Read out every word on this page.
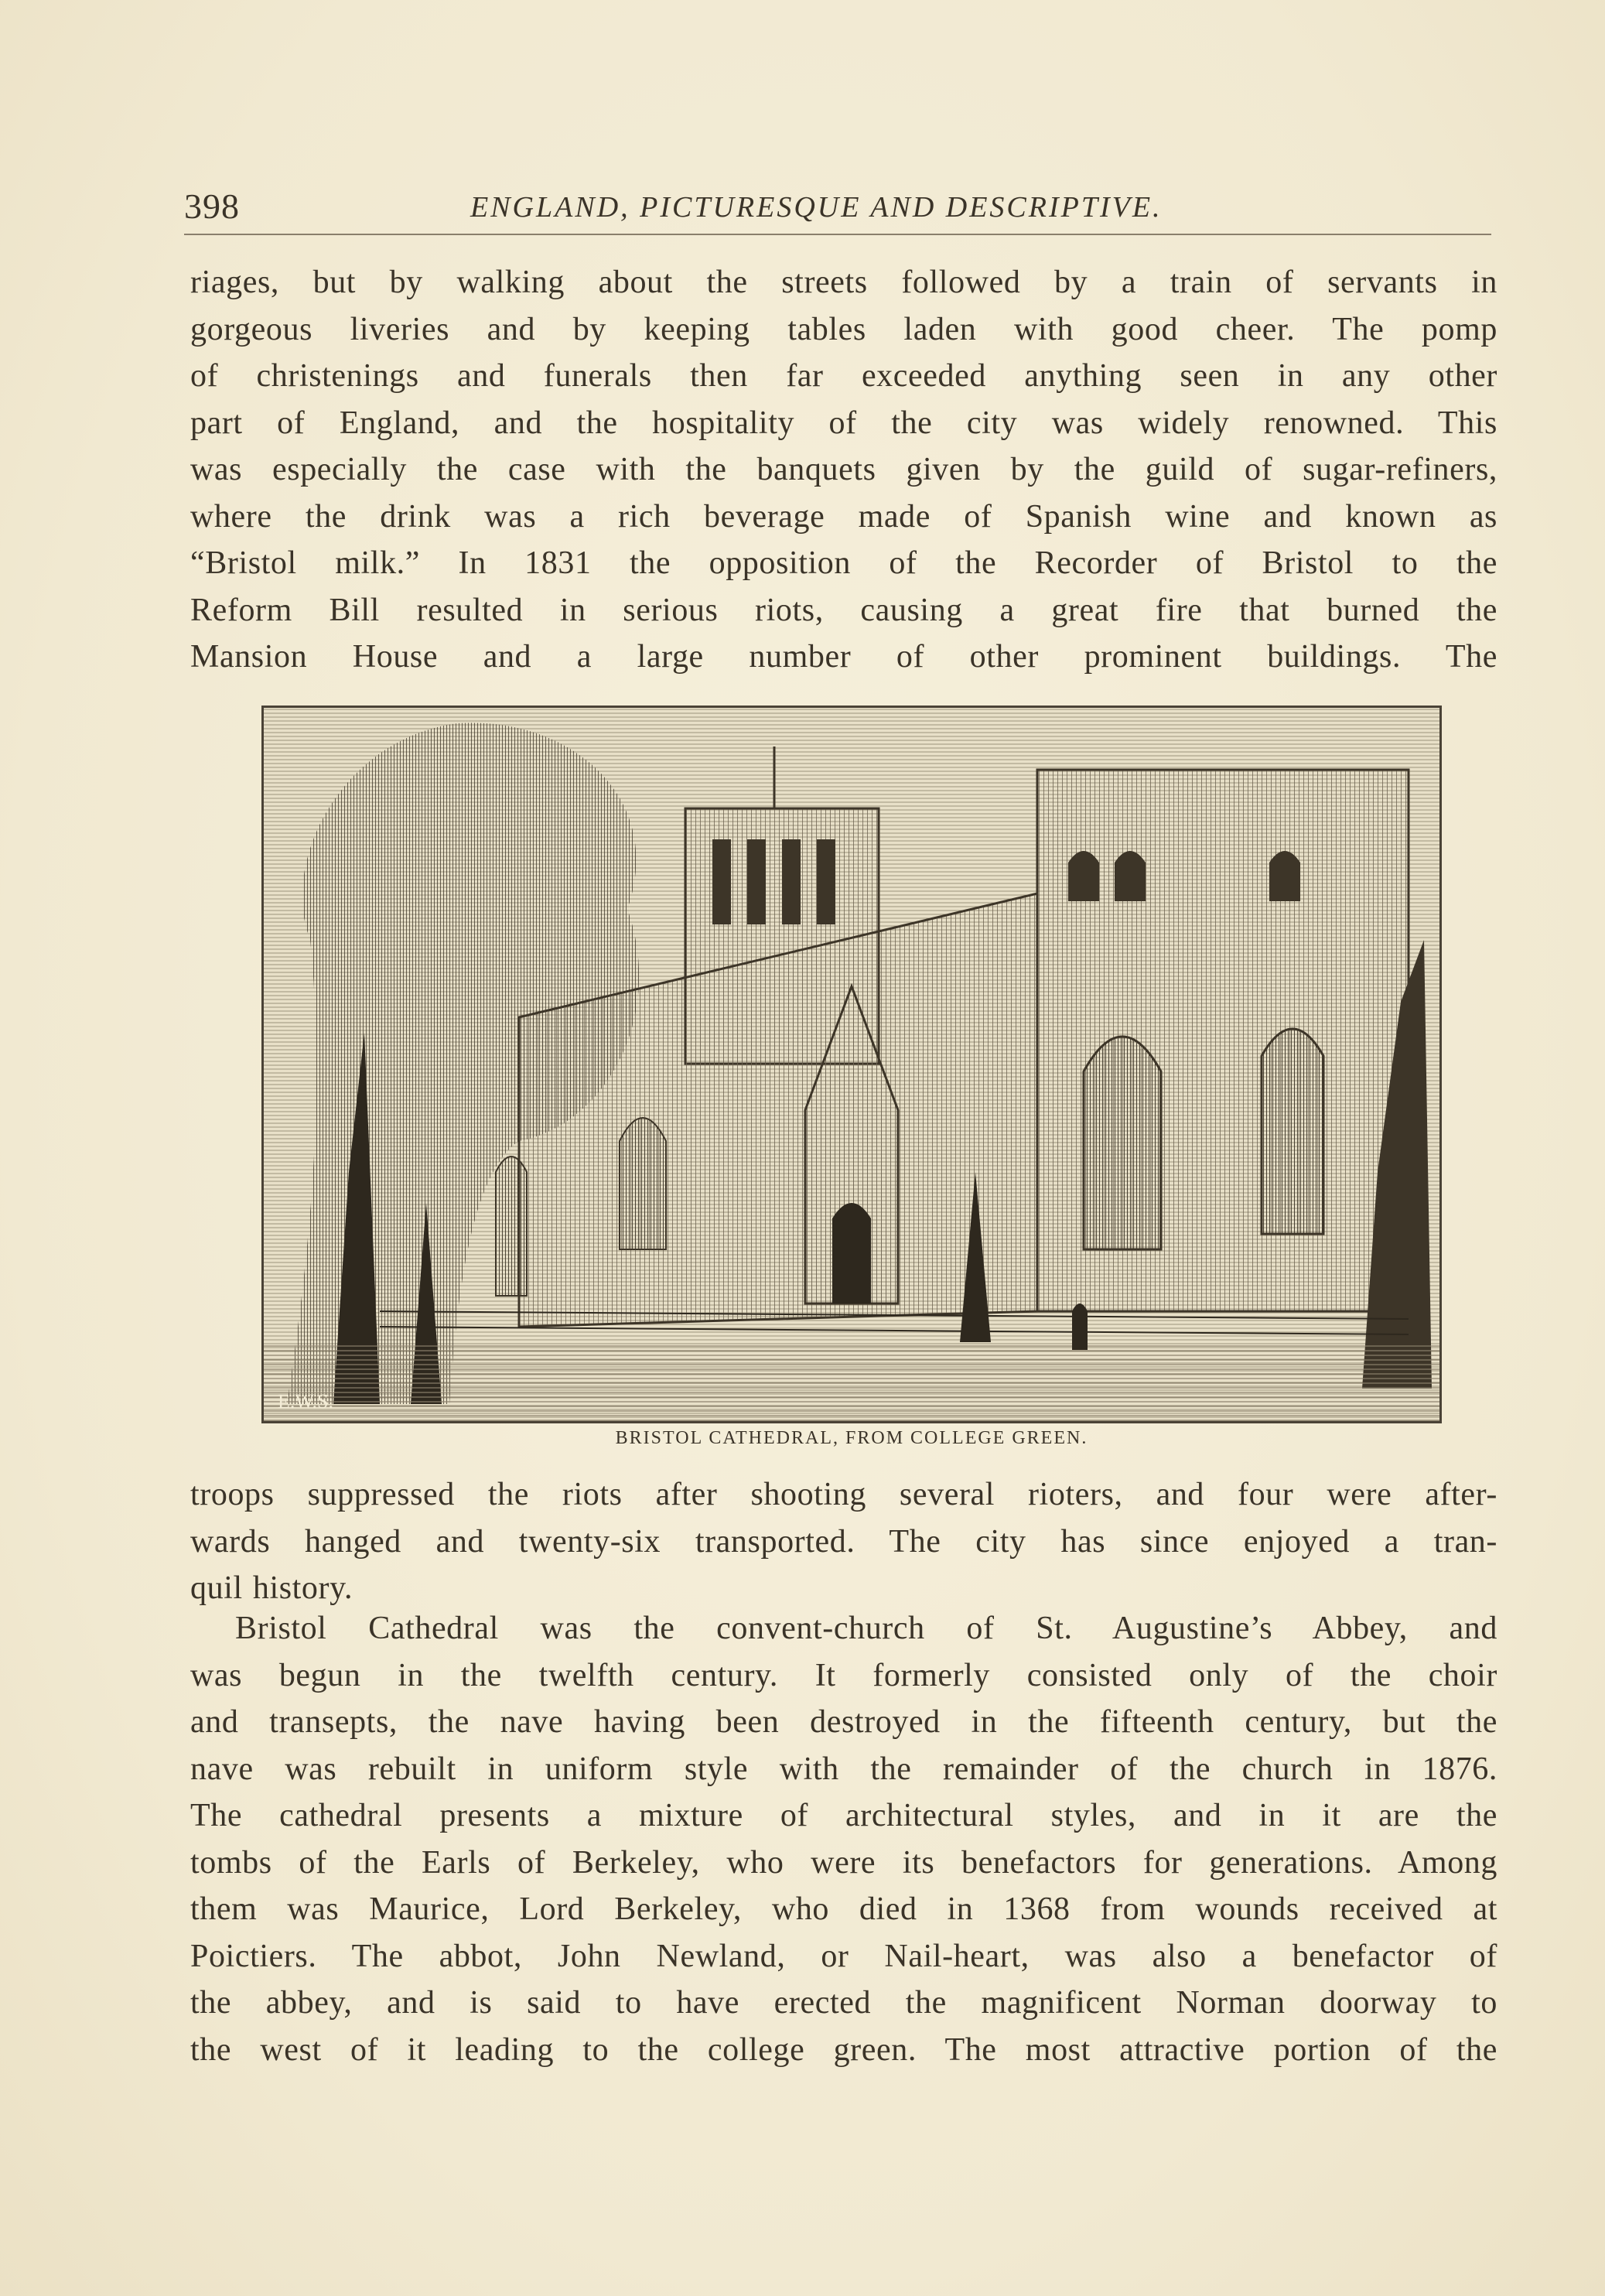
398	ENGLAND, PICTURESQUE AND DESCRIPTIVE.
riages, but by walking about the streets followed by a train of servants in
gorgeous liveries and by keeping tables laden with good cheer. The pomp
of christenings and funerals then far exceeded anything seen in any other
part of England, and the hospitality of the city was widely renowned. This
was especially the case with the banquets given by the guild of sugar-refiners,
where the drink was a rich beverage made of Spanish wine and known as
“Bristol milk.” In 1831 the opposition of the Recorder of Bristol to the
Reform Bill resulted in serious riots, causing a great fire that burned the
Mansion House and a large number of other prominent buildings. The
E.W.S.
BRISTOL CATHEDRAL, FROM COLLEGE GREEN.
troops suppressed the riots after shooting several rioters, and four were after-
wards hanged and twenty-six transported. The city has since enjoyed a tran-
quil history.
Bristol Cathedral was the convent-church of St. Augustine’s Abbey, and
was begun in the twelfth century. It formerly consisted only of the choir
and transepts, the nave having been destroyed in the fifteenth century, but the
nave was rebuilt in uniform style with the remainder of the church in 1876.
The cathedral presents a mixture of architectural styles, and in it are the
tombs of the Earls of Berkeley, who were its benefactors for generations. Among
them was Maurice, Lord Berkeley, who died in 1368 from wounds received at
Poictiers. The abbot, John Newland, or Nail-heart, was also a benefactor of
the abbey, and is said to have erected the magnificent Norman doorway to
the west of it leading to the college green. The most attractive portion of the
